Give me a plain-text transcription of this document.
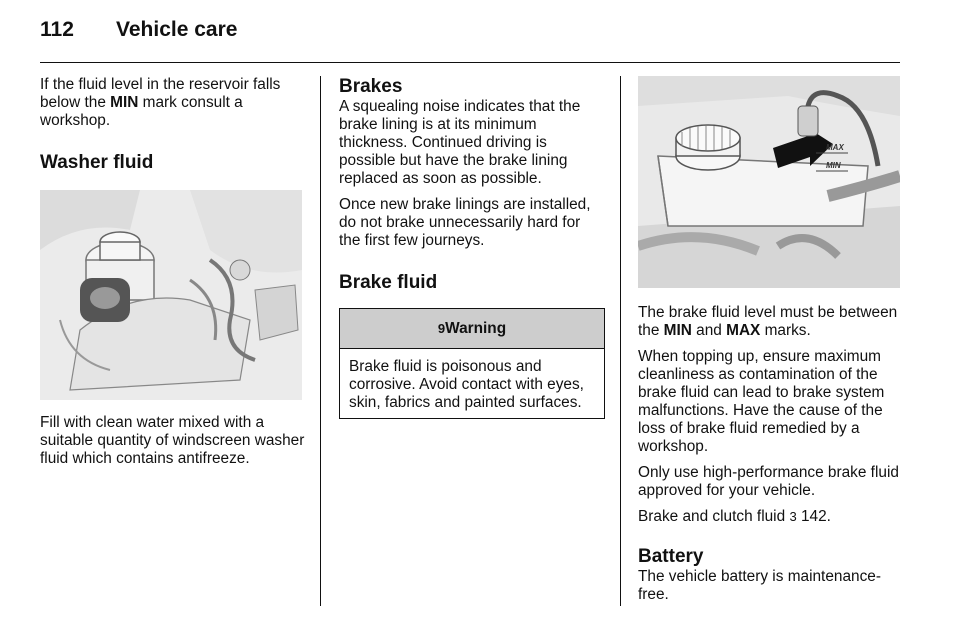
112 Vehicle care

If the fluid level in the reservoir falls below the MIN mark consult a workshop.

Washer fluid

Fill with clean water mixed with a suitable quantity of windscreen washer fluid which contains antifreeze.

Brakes

A squealing noise indicates that the brake lining is at its minimum thickness. Continued driving is possible but have the brake lining replaced as soon as possible.

Once new brake linings are installed, do not brake unnecessarily hard for the first few journeys.

Brake fluid
9 Warning

Brake fluid is poisonous and corrosive. Avoid contact with eyes, skin, fabrics and painted surfaces.

MAX
MIN

The brake fluid level must be between the MIN and MAX marks.

When topping up, ensure maximum cleanliness as contamination of the brake fluid can lead to brake system malfunctions. Have the cause of the loss of brake fluid remedied by a workshop.

Only use high-performance brake fluid approved for your vehicle.

Brake and clutch fluid 3 142.

Battery

The vehicle battery is maintenance-free.
